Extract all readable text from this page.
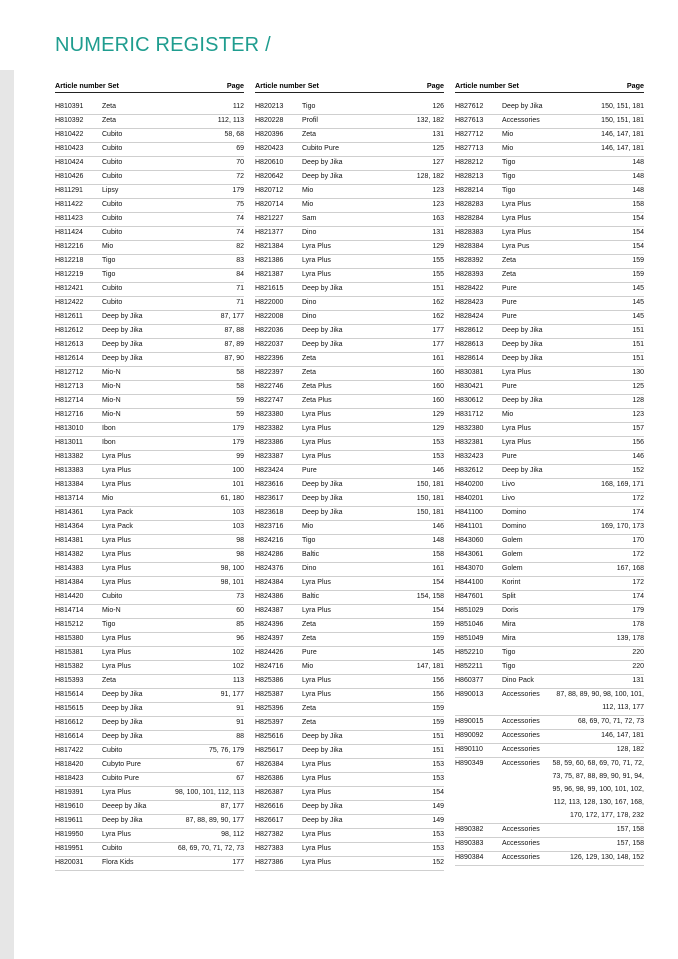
NUMERIC REGISTER /
Article number Set	Page
H810391	Zeta	112
H810392	Zeta	112, 113
H810422	Cubito	58, 68
H810423	Cubito	69
H810424	Cubito	70
H810426	Cubito	72
H811291	Lipsy	179
H811422	Cubito	75
H811423	Cubito	74
H811424	Cubito	74
H812216	Mio	82
H812218	Tigo	83
H812219	Tigo	84
H812421	Cubito	71
H812422	Cubito	71
H812611	Deep by Jika	87, 177
H812612	Deep by Jika	87, 88
H812613	Deep by Jika	87, 89
H812614	Deep by Jika	87, 90
H812712	Mio-N	58
H812713	Mio-N	58
H812714	Mio-N	59
H812716	Mio-N	59
H813010	Ibon	179
H813011	Ibon	179
H813382	Lyra Plus	99
H813383	Lyra Plus	100
H813384	Lyra Plus	101
H813714	Mio	61, 180
H814361	Lyra Pack	103
H814364	Lyra Pack	103
H814381	Lyra Plus	98
H814382	Lyra Plus	98
H814383	Lyra Plus	98, 100
H814384	Lyra Plus	98, 101
H814420	Cubito	73
H814714	Mio-N	60
H815212	Tigo	85
H815380	Lyra Plus	96
H815381	Lyra Plus	102
H815382	Lyra Plus	102
H815393	Zeta	113
H815614	Deep by Jika	91, 177
H815615	Deep by Jika	91
H816612	Deep by Jika	91
H816614	Deep by Jika	88
H817422	Cubito	75, 76, 179
H818420	Cubyto Pure	67
H818423	Cubito Pure	67
H819391	Lyra Plus	98, 100, 101, 112, 113
H819610	Deeep by Jika	87, 177
H819611	Deep by Jika	87, 88, 89, 90, 177
H819950	Lyra Plus	98, 112
H819951	Cubito	68, 69, 70, 71, 72, 73
H820031	Flora Kids	177
Article number Set	Page
H820213	Tigo	126
H820228	Profil	132, 182
H820396	Zeta	131
H820423	Cubito Pure	125
H820610	Deep by Jika	127
H820642	Deep by Jika	128, 182
H820712	Mio	123
H820714	Mio	123
H821227	Sam	163
H821377	Dino	131
H821384	Lyra Plus	129
H821386	Lyra Plus	155
H821387	Lyra Plus	155
H821615	Deep by Jika	151
H822000	Dino	162
H822008	Dino	162
H822036	Deep by Jika	177
H822037	Deep by Jika	177
H822396	Zeta	161
H822397	Zeta	160
H822746	Zeta Plus	160
H822747	Zeta Plus	160
H823380	Lyra Plus	129
H823382	Lyra Plus	129
H823386	Lyra Plus	153
H823387	Lyra Plus	153
H823424	Pure	146
H823616	Deep by Jika	150, 181
H823617	Deep by Jika	150, 181
H823618	Deep by Jika	150, 181
H823716	Mio	146
H824216	Tigo	148
H824286	Baltic	158
H824376	Dino	161
H824384	Lyra Plus	154
H824386	Baltic	154, 158
H824387	Lyra Plus	154
H824396	Zeta	159
H824397	Zeta	159
H824426	Pure	145
H824716	Mio	147, 181
H825386	Lyra Plus	156
H825387	Lyra Plus	156
H825396	Zeta	159
H825397	Zeta	159
H825616	Deep by Jika	151
H825617	Deep by Jika	151
H826384	Lyra Plus	153
H826386	Lyra Plus	153
H826387	Lyra Plus	154
H826616	Deep by Jika	149
H826617	Deep by Jika	149
H827382	Lyra Plus	153
H827383	Lyra Plus	153
H827386	Lyra Plus	152
Article number Set	Page
H827612	Deep by Jika	150, 151, 181
H827613	Accessories	150, 151, 181
H827712	Mio	146, 147, 181
H827713	Mio	146, 147, 181
H828212	Tigo	148
H828213	Tigo	148
H828214	Tigo	148
H828283	Lyra Plus	158
H828284	Lyra Plus	154
H828383	Lyra Plus	154
H828384	Lyra Pus	154
H828392	Zeta	159
H828393	Zeta	159
H828422	Pure	145
H828423	Pure	145
H828424	Pure	145
H828612	Deep by Jika	151
H828613	Deep by Jika	151
H828614	Deep by Jika	151
H830381	Lyra Plus	130
H830421	Pure	125
H830612	Deep by Jika	128
H831712	Mio	123
H832380	Lyra Plus	157
H832381	Lyra Plus	156
H832423	Pure	146
H832612	Deep by Jika	152
H840200	Livo	168, 169, 171
H840201	Livo	172
H841100	Domino	174
H841101	Domino	169, 170, 173
H843060	Golem	170
H843061	Golem	172
H843070	Golem	167, 168
H844100	Korint	172
H847601	Split	174
H851029	Doris	179
H851046	Mira	178
H851049	Mira	139, 178
H852210	Tigo	220
H852211	Tigo	220
H860377	Dino Pack	131
H890013	Accessories 87, 88, 89, 90, 98, 100, 101,
112, 113, 177
H890015	Accessories	68, 69, 70, 71, 72, 73
H890092	Accessories	146, 147, 181
H890110	Accessories	128, 182
H890349	Accessories 58, 59, 60, 68, 69, 70, 71, 72,
73, 75, 87, 88, 89, 90, 91, 94,
95, 96, 98, 99, 100, 101, 102,
112, 113, 128, 130, 167, 168,
170, 172, 177, 178, 232
H890382	Accessories	157, 158
H890383	Accessories	157, 158
H890384	Accessories	126, 129, 130, 148, 152
